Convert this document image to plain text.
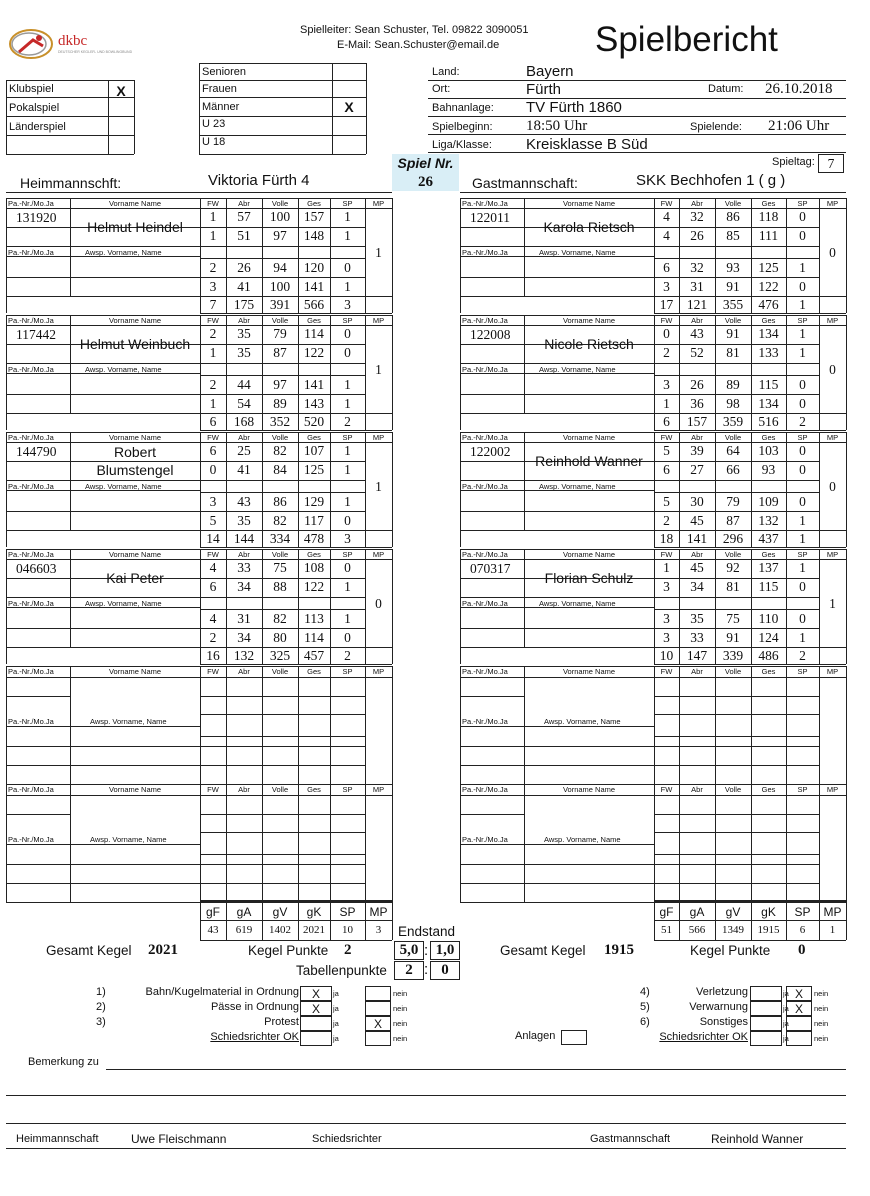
dkbc
DEUTSCHER KEGLER- UND BOWLINGBUND
Spielleiter: Sean Schuster, Tel. 09822 3090051
E-Mail: Sean.Schuster@email.de	Spielbericht
Klubspiel	X
Pokalspiel
Länderspiel
Senioren
Frauen
Männer	X
U 23
U 18
Land:	Bayern
Ort:	Fürth	Datum: 26.10.2018
Bahnanlage: TV Fürth 1860
Spielbeginn: 18:50 Uhr	Spielende: 21:06 Uhr
Liga/Klasse: Kreisklasse B Süd
Spieltag: 7
Spiel Nr.
26
Heimmannschft:	Viktoria Fürth 4	Gastmannschaft:	SKK Bechhofen 1 ( g )
Pa.-Nr./Mo.Ja	Vorname Name	FW	Abr	Volle	Ges	SP	MP
Pa.-Nr./Mo.Ja	Awsp. Vorname, Name
131920
Helmut Heindel
1	57	100	157	1
1	51	97	148	1
2	26	94	120	0
3	41	100	141	1
7	175	391	566	3
1
Pa.-Nr./Mo.Ja	Vorname Name	FW	Abr	Volle	Ges	SP	MP
Pa.-Nr./Mo.Ja	Awsp. Vorname, Name
122011
Karola Rietsch
4	32	86	118	0
4	26	85	111	0
6	32	93	125	1
3	31	91	122	0
17	121	355	476	1
0
Pa.-Nr./Mo.Ja	Vorname Name	FW	Abr	Volle	Ges	SP	MP
Pa.-Nr./Mo.Ja	Awsp. Vorname, Name
117442
Helmut Weinbuch
2	35	79	114	0
1	35	87	122	0
2	44	97	141	1
1	54	89	143	1
6	168	352	520	2
1
Pa.-Nr./Mo.Ja	Vorname Name	FW	Abr	Volle	Ges	SP	MP
Pa.-Nr./Mo.Ja	Awsp. Vorname, Name
122008
Nicole Rietsch
0	43	91	134	1
2	52	81	133	1
3	26	89	115	0
1	36	98	134	0
6	157	359	516	2
0
Pa.-Nr./Mo.Ja	Vorname Name	FW	Abr	Volle	Ges	SP	MP
Pa.-Nr./Mo.Ja	Awsp. Vorname, Name
144790	Robert Blumstengel
6	25	82	107	1
0	41	84	125	1
3	43	86	129	1
5	35	82	117	0
14	144	334	478	3
1
Pa.-Nr./Mo.Ja	Vorname Name	FW	Abr	Volle	Ges	SP	MP
Pa.-Nr./Mo.Ja	Awsp. Vorname, Name
122002
Reinhold Wanner
5	39	64	103	0
6	27	66	93	0
5	30	79	109	0
2	45	87	132	1
18	141	296	437	1
0
Pa.-Nr./Mo.Ja	Vorname Name	FW	Abr	Volle	Ges	SP	MP
Pa.-Nr./Mo.Ja	Awsp. Vorname, Name
046603
Kai Peter
4	33	75	108	0
6	34	88	122	1
4	31	82	113	1
2	34	80	114	0
16	132	325	457	2
0
Pa.-Nr./Mo.Ja	Vorname Name	FW	Abr	Volle	Ges	SP	MP
Pa.-Nr./Mo.Ja	Awsp. Vorname, Name
070317
Florian Schulz
1	45	92	137	1
3	34	81	115	0
3	35	75	110	0
3	33	91	124	1
10	147	339	486	2
1
Pa.-Nr./Mo.Ja	Vorname Name	FW	Abr	Volle	Ges	SP	MP
Pa.-Nr./Mo.Ja	Awsp. Vorname, Name
Pa.-Nr./Mo.Ja	Vorname Name	FW	Abr	Volle	Ges	SP	MP
Pa.-Nr./Mo.Ja	Awsp. Vorname, Name
Pa.-Nr./Mo.Ja	Vorname Name	FW	Abr	Volle	Ges	SP	MP
Pa.-Nr./Mo.Ja	Awsp. Vorname, Name
Pa.-Nr./Mo.Ja	Vorname Name	FW	Abr	Volle	Ges	SP	MP
Pa.-Nr./Mo.Ja	Awsp. Vorname, Name
gF	gA	gV	gK	SP	MP
43	619	1402	2021	10	3
gF	gA	gV	gK	SP	MP
51	566	1349	1915	6	1
Endstand
Gesamt Kegel 2021	Kegel Punkte 2
Tabellenpunkte
5,0	1,0
:
:
2	0
Gesamt Kegel 1915	Kegel Punkte 0
1)	Bahn/Kugelmaterial in Ordnung	X	ja	nein
2)	Pässe in Ordnung	X	ja	nein
3)	Protest	ja	X	nein
Schiedsrichter OK	ja	nein
4)	Verletzung	ja X	nein
5)	Verwarnung	ja X	nein
6)	Sonstiges	ja	nein
Schiedsrichter OK	ja	nein
Anlagen
Bemerkung zu
Heimmannschaft	Uwe Fleischmann	Schiedsrichter	Gastmannschaft	Reinhold Wanner
